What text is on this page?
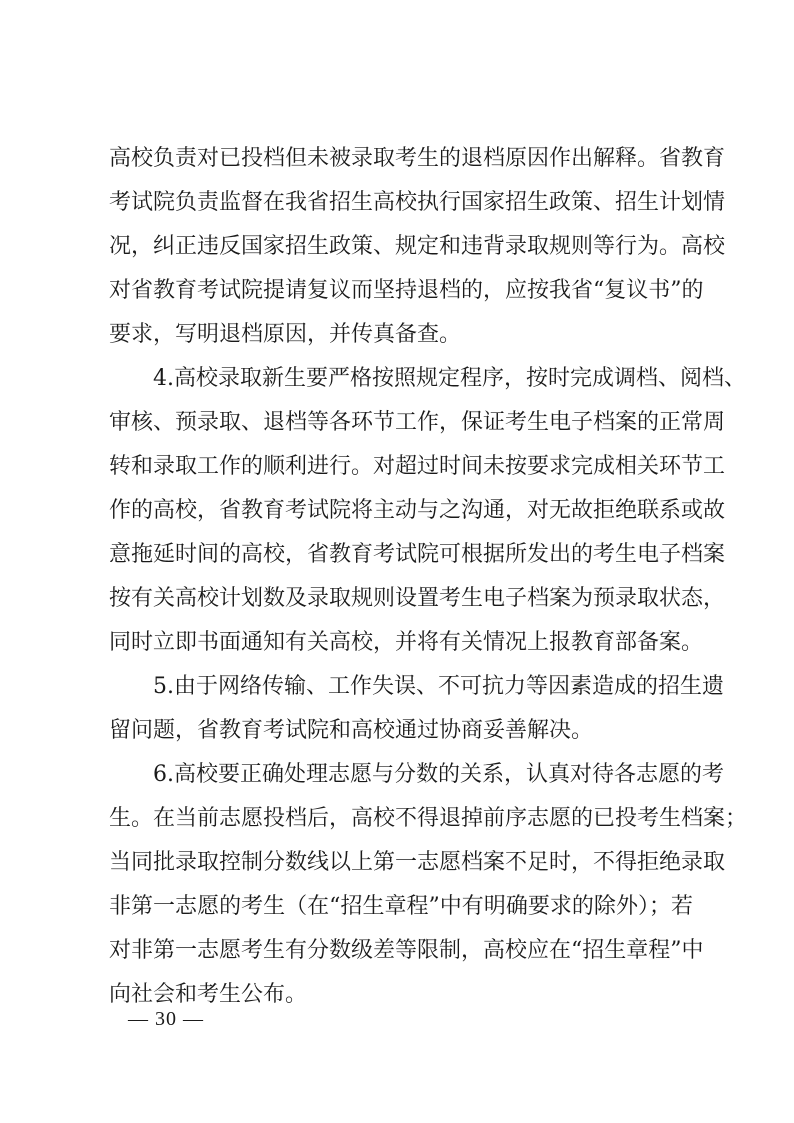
高校负责对已投档但未被录取考生的退档原因作出解释。省教育
考试院负责监督在我省招生高校执行国家招生政策、招生计划情
况，纠正违反国家招生政策、规定和违背录取规则等行为。高校
对省教育考试院提请复议而坚持退档的，应按我省“复议书”的
要求，写明退档原因，并传真备查。
4.高校录取新生要严格按照规定程序，按时完成调档、阅档、
审核、预录取、退档等各环节工作，保证考生电子档案的正常周
转和录取工作的顺利进行。对超过时间未按要求完成相关环节工
作的高校，省教育考试院将主动与之沟通，对无故拒绝联系或故
意拖延时间的高校，省教育考试院可根据所发出的考生电子档案
按有关高校计划数及录取规则设置考生电子档案为预录取状态，
同时立即书面通知有关高校，并将有关情况上报教育部备案。
5.由于网络传输、工作失误、不可抗力等因素造成的招生遗
留问题，省教育考试院和高校通过协商妥善解决。
6.高校要正确处理志愿与分数的关系，认真对待各志愿的考
生。在当前志愿投档后，高校不得退掉前序志愿的已投考生档案；
当同批录取控制分数线以上第一志愿档案不足时，不得拒绝录取
非第一志愿的考生（在“招生章程”中有明确要求的除外）；若
对非第一志愿考生有分数级差等限制，高校应在“招生章程”中
向社会和考生公布。
— 30 —
